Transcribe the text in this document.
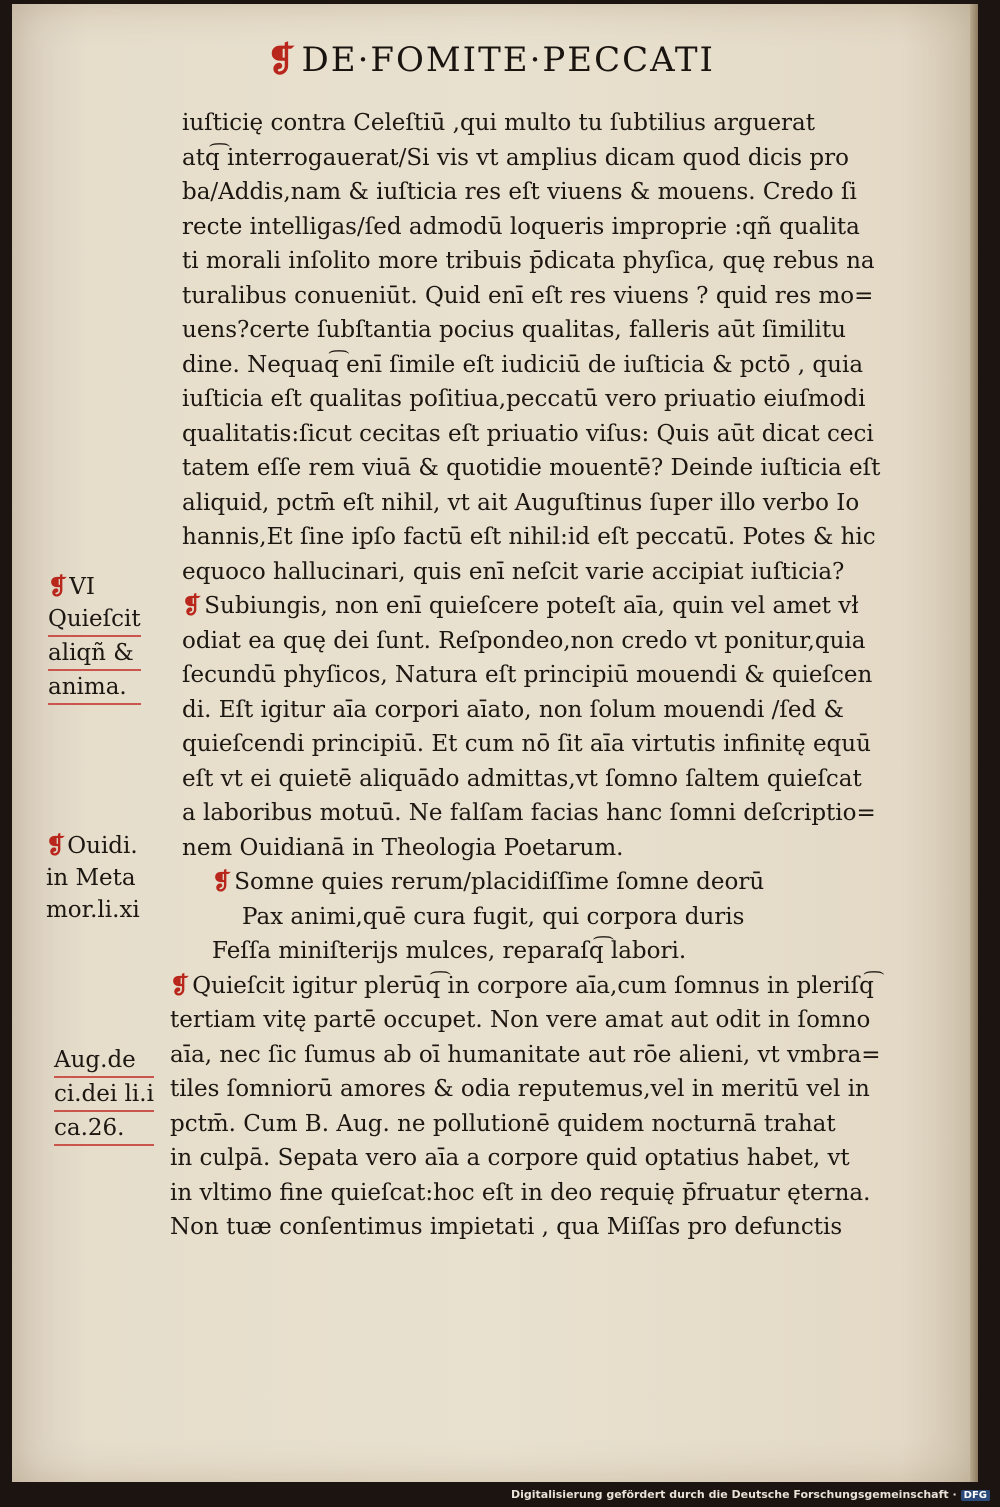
❡ DE·FOMITE·PECCATI
iuſticię contra Celeſtiū ,qui multo tu ſubtilius arguerat
atq͡ interrogauerat/Si vis vt amplius dicam quod dicis pro
ba/Addis,nam & iuſticia res eſt viuens & mouens. Credo ſi
recte intelligas/ſed admodū loqueris improprie :qñ qualita
ti morali inſolito more tribuis p̄dicata phyſica, quę rebus na
turalibus conueniūt. Quid enī eſt res viuens ? quid res mo=
uens?certe ſubſtantia pocius qualitas, falleris aūt ſimilitu
dine. Nequaq͡ enī ſimile eſt iudiciū de iuſticia & pctō , quia
iuſticia eſt qualitas poſitiua,peccatū vero priuatio eiuſmodi
qualitatis:ſicut cecitas eſt priuatio viſus: Quis aūt dicat ceci
tatem eſſe rem viuā & quotidie mouentē? Deinde iuſticia eſt
aliquid, pctm̄ eſt nihil, vt ait Auguſtinus ſuper illo verbo Io
hannis,Et ſine ipſo factū eſt nihil:id eſt peccatū. Potes & hic
equoco hallucinari, quis enī neſcit varie accipiat iuſticia?
❡ Subiungis, non enī quieſcere poteſt aīa, quin vel amet vł
odiat ea quę dei ſunt. Reſpondeo,non credo vt ponitur,quia
ſecundū phyſicos, Natura eſt principiū mouendi & quieſcen
di. Eſt igitur aīa corpori aīato, non ſolum mouendi /ſed &
quieſcendi principiū. Et cum nō ſit aīa virtutis infinitę equū
eſt vt ei quietē aliquādo admittas,vt ſomno ſaltem quieſcat
a laboribus motuū. Ne falſam facias hanc ſomni deſcriptio=
nem Ouidianā in Theologia Poetarum.
❡ Somne quies rerum/placidiſſime ſomne deorū
Pax animi,quē cura fugit, qui corpora duris
Feſſa miniſterijs mulces, reparaſq͡ labori.
❡ Quieſcit igitur plerūq͡ in corpore aīa,cum ſomnus in pleriſq͡
tertiam vitę partē occupet. Non vere amat aut odit in ſomno
aīa, nec ſic ſumus ab oī humanitate aut rōe alieni, vt vmbra=
tiles ſomniorū amores & odia reputemus,vel in meritū vel in
pctm̄. Cum B. Aug. ne pollutionē quidem nocturnā trahat
in culpā. Sepata vero aīa a corpore quid optatius habet, vt
in vltimo fine quieſcat:hoc eſt in deo requię p̄fruatur ęterna.
Non tuæ conſentimus impietati , qua Miſſas pro defunctis
❡VI
Quieſcit
aliqñ &
anima.
❡Ouidi.
in Meta
mor.li.xi
Aug.de
ci.dei li.i
ca.26.
Digitalisierung gefördert durch die Deutsche Forschungsgemeinschaft · DFG
